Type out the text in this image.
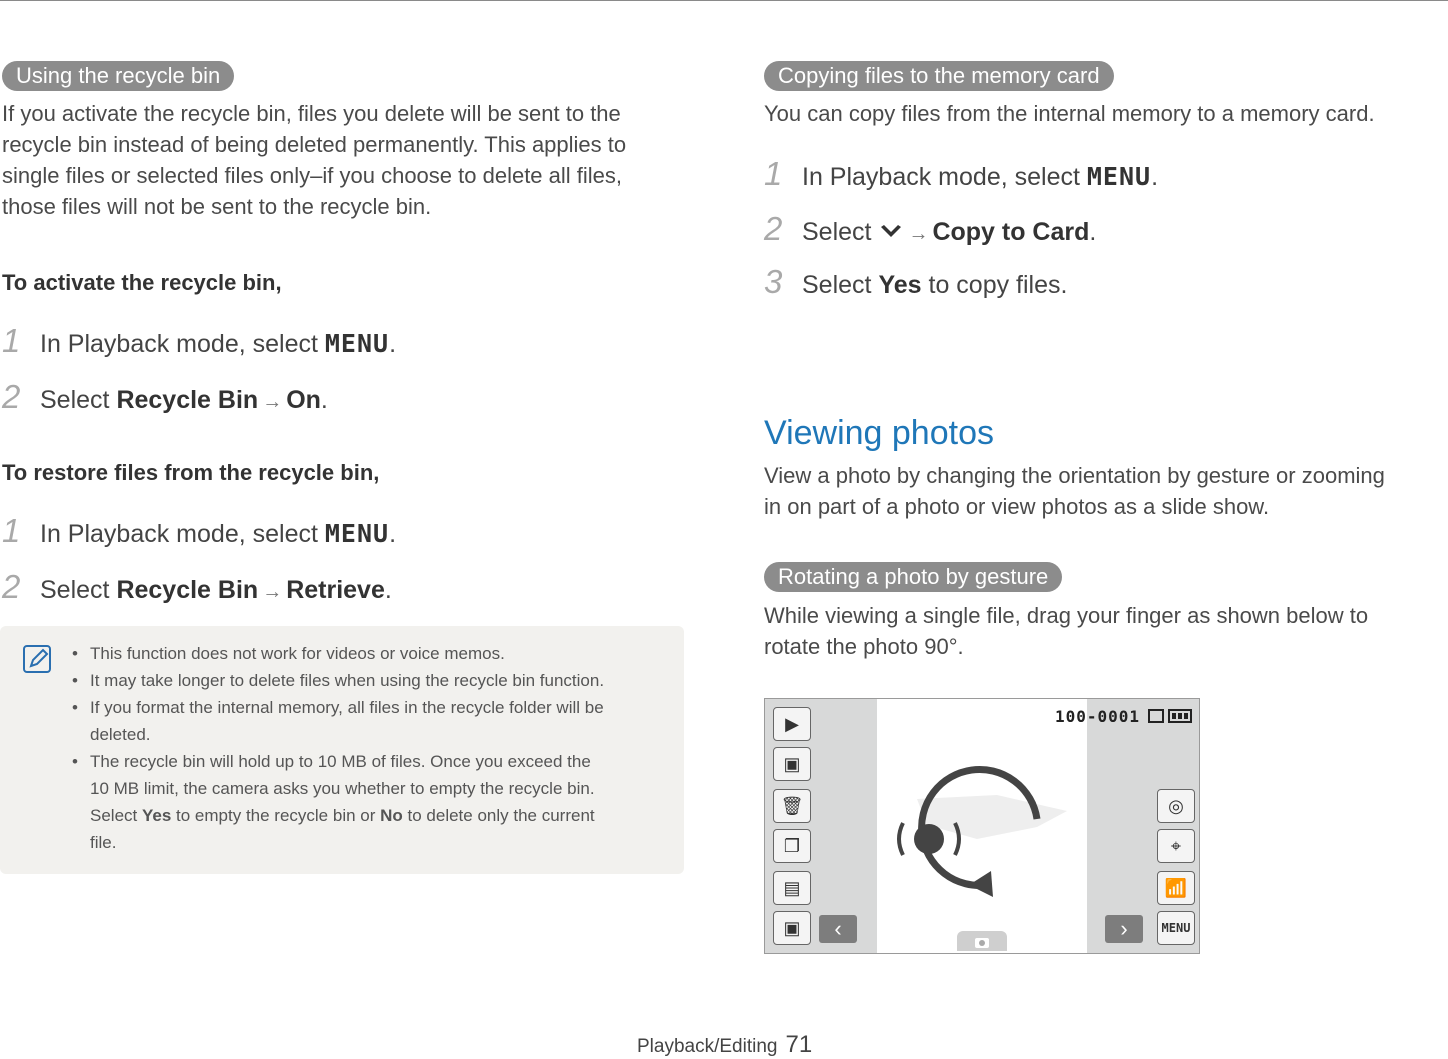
Using the recycle bin

If you activate the recycle bin, files you delete will be sent to the
recycle bin instead of being deleted permanently. This applies to
single files or selected files only–if you choose to delete all files,
those files will not be sent to the recycle bin.

To activate the recycle bin,
1 In Playback mode, select MENU.
2 Select Recycle Bin → On.
To restore files from the recycle bin,
1 In Playback mode, select MENU.
2 Select Recycle Bin → Retrieve.
• This function does not work for videos or voice memos.
• It may take longer to delete files when using the recycle bin function.
• If you format the internal memory, all files in the recycle folder will be
deleted.
• The recycle bin will hold up to 10 MB of files. Once you exceed the
10 MB limit, the camera asks you whether to empty the recycle bin.
Select Yes to empty the recycle bin or No to delete only the current
file.
Copying files to the memory card

You can copy files from the internal memory to a memory card.

1 In Playback mode, select MENU.
2 Select → Copy to Card.
3 Select Yes to copy files.
Viewing photos

View a photo by changing the orientation by gesture or zooming
in on part of a photo or view photos as a slide show.

Rotating a photo by gesture

While viewing a single file, drag your finger as shown below to
rotate the photo 90°.

▶
▣
🗑
❐
▤
▣	‹	›
100-0001
◎
⌖
📶
MENU
Playback/Editing 71
